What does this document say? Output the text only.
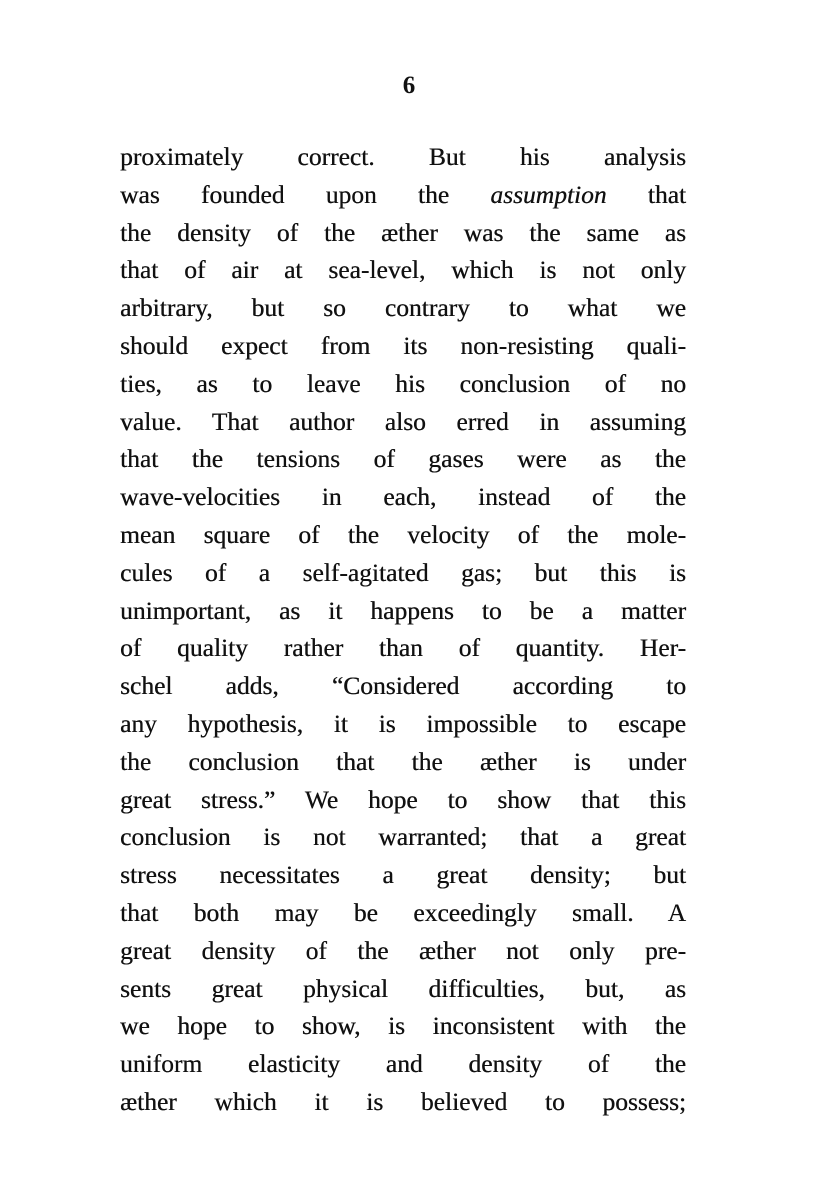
6
proximately correct. But his analysis
was founded upon the assumption that
the density of the æther was the same as
that of air at sea-level, which is not only
arbitrary, but so contrary to what we
should expect from its non-resisting quali-
ties, as to leave his conclusion of no
value. That author also erred in assuming
that the tensions of gases were as the
wave-velocities in each, instead of the
mean square of the velocity of the mole-
cules of a self-agitated gas; but this is
unimportant, as it happens to be a matter
of quality rather than of quantity. Her-
schel adds, “Considered according to
any hypothesis, it is impossible to escape
the conclusion that the æther is under
great stress.” We hope to show that this
conclusion is not warranted; that a great
stress necessitates a great density; but
that both may be exceedingly small. A
great density of the æther not only pre-
sents great physical difficulties, but, as
we hope to show, is inconsistent with the
uniform elasticity and density of the
æther which it is believed to possess;
